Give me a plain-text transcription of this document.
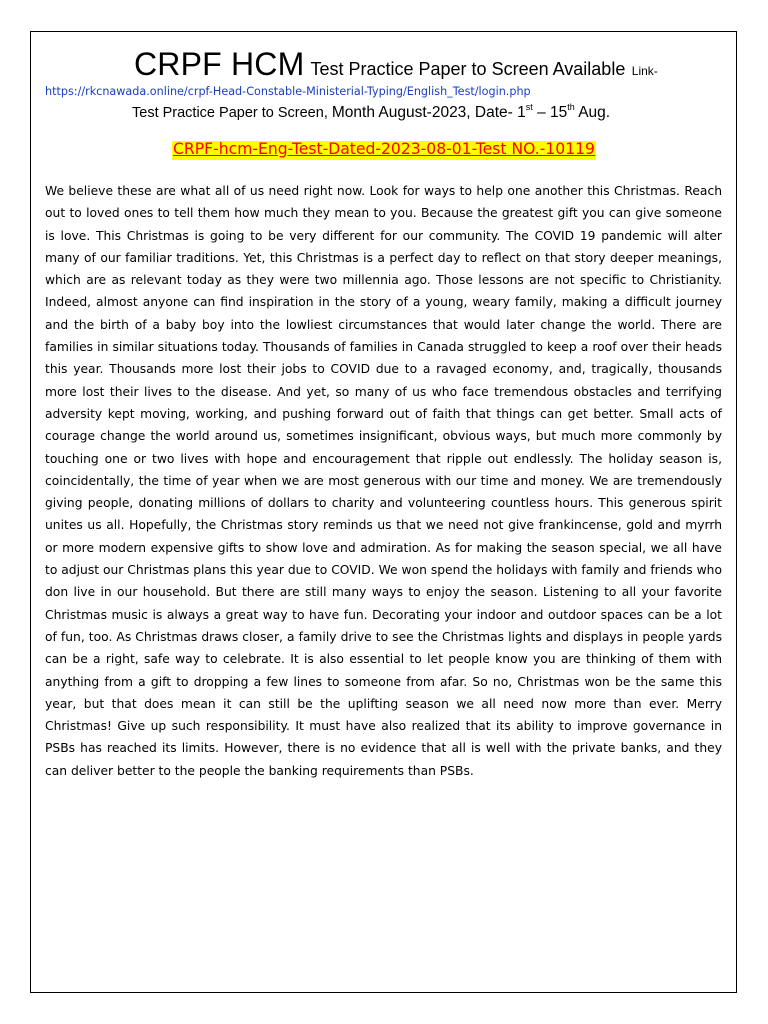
CRPF HCM Test Practice Paper to Screen Available Link-
https://rkcnawada.online/crpf-Head-Constable-Ministerial-Typing/English_Test/login.php
Test Practice Paper to Screen, Month August-2023, Date- 1st – 15th Aug.
CRPF-hcm-Eng-Test-Dated-2023-08-01-Test NO.-10119

We believe these are what all of us need right now. Look for ways to help one another this Christmas. Reach out to loved ones to tell them how much they mean to you. Because the greatest gift you can give someone is love. This Christmas is going to be very different for our community. The COVID 19 pandemic will alter many of our familiar traditions. Yet, this Christmas is a perfect day to reflect on that story deeper meanings, which are as relevant today as they were two millennia ago. Those lessons are not specific to Christianity. Indeed, almost anyone can find inspiration in the story of a young, weary family, making a difficult journey and the birth of a baby boy into the lowliest circumstances that would later change the world. There are families in similar situations today. Thousands of families in Canada struggled to keep a roof over their heads this year. Thousands more lost their jobs to COVID due to a ravaged economy, and, tragically, thousands more lost their lives to the disease. And yet, so many of us who face tremendous obstacles and terrifying adversity kept moving, working, and pushing forward out of faith that things can get better. Small acts of courage change the world around us, sometimes insignificant, obvious ways, but much more commonly by touching one or two lives with hope and encouragement that ripple out endlessly. The holiday season is, coincidentally, the time of year when we are most generous with our time and money. We are tremendously giving people, donating millions of dollars to charity and volunteering countless hours. This generous spirit unites us all. Hopefully, the Christmas story reminds us that we need not give frankincense, gold and myrrh or more modern expensive gifts to show love and admiration. As for making the season special, we all have to adjust our Christmas plans this year due to COVID. We won spend the holidays with family and friends who don live in our household. But there are still many ways to enjoy the season. Listening to all your favorite Christmas music is always a great way to have fun. Decorating your indoor and outdoor spaces can be a lot of fun, too. As Christmas draws closer, a family drive to see the Christmas lights and displays in people yards can be a right, safe way to celebrate. It is also essential to let people know you are thinking of them with anything from a gift to dropping a few lines to someone from afar. So no, Christmas won be the same this year, but that does mean it can still be the uplifting season we all need now more than ever. Merry Christmas! Give up such responsibility. It must have also realized that its ability to improve governance in PSBs has reached its limits. However, there is no evidence that all is well with the private banks, and they can deliver better to the people the banking requirements than PSBs.
